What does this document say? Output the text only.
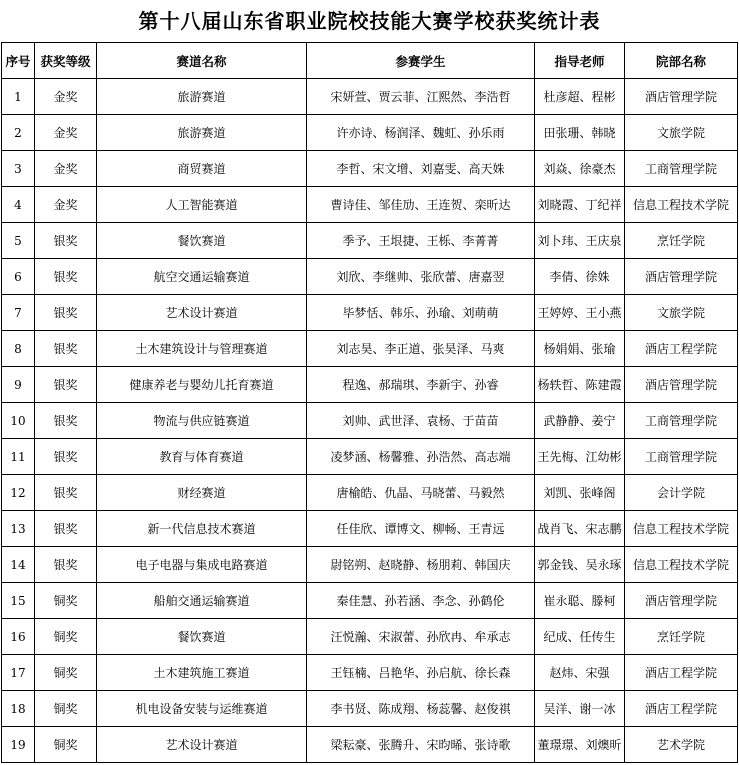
第十八届山东省职业院校技能大赛学校获奖统计表
序号	获奖等级	赛道名称	参赛学生	指导老师	院部名称
1	金奖	旅游赛道	宋妍萱、贾云菲、江熙然、李浩哲	杜彦超、程彬	酒店管理学院
2	金奖	旅游赛道	许亦诗、杨润泽、魏虹、孙乐雨	田张珊、韩晓	文旅学院
3	金奖	商贸赛道	李哲、宋文增、刘嘉雯、高天姝	刘焱、徐豪杰	工商管理学院
4	金奖	人工智能赛道	曹诗佳、邹佳劢、王连贺、栾昕达	刘晓霞、丁纪祥	信息工程技术学院
5	银奖	餐饮赛道	季予、王垠捷、王栎、李菁菁	刘卜玮、王庆泉	烹饪学院
6	银奖	航空交通运输赛道	刘欣、李继帅、张欣蕾、唐嘉翌	李倩、徐姝	酒店管理学院
7	银奖	艺术设计赛道	毕梦恬、韩乐、孙瑜、刘萌萌	王婷婷、王小燕	文旅学院
8	银奖	土木建筑设计与管理赛道	刘志昊、李正道、张昊泽、马爽	杨娟娟、张瑜	酒店工程学院
9	银奖	健康养老与婴幼儿托育赛道	程逸、郝瑞琪、李新宇、孙睿	杨轶哲、陈建霞	酒店管理学院
10	银奖	物流与供应链赛道	刘帅、武世泽、袁杨、于苗苗	武静静、姜宁	工商管理学院
11	银奖	教育与体育赛道	凌梦涵、杨馨雅、孙浩然、高志端	王先梅、江幼彬	工商管理学院
12	银奖	财经赛道	唐榆皓、仇晶、马晓蕾、马毅然	刘凯、张峰阁	会计学院
13	银奖	新一代信息技术赛道	任佳欣、谭博文、柳畅、王青远	战肖飞、宋志鹏	信息工程技术学院
14	银奖	电子电器与集成电路赛道	尉铭朔、赵晓静、杨朋莉、韩国庆	郭金钱、吴永琢	信息工程技术学院
15	铜奖	船舶交通运输赛道	秦佳慧、孙若涵、李念、孙鹤伦	崔永聪、滕柯	酒店管理学院
16	铜奖	餐饮赛道	汪悦瀚、宋淑蕾、孙欣冉、牟承志	纪成、任传生	烹饪学院
17	铜奖	土木建筑施工赛道	王钰楠、吕艳华、孙启航、徐长森	赵炜、宋强	酒店工程学院
18	铜奖	机电设备安装与运维赛道	李书贤、陈成翔、杨蕊馨、赵俊祺	吴洋、谢一冰	酒店工程学院
19	铜奖	艺术设计赛道	梁耘豪、张腾升、宋昀晞、张诗歌	董璟璟、刘燠昕	艺术学院
